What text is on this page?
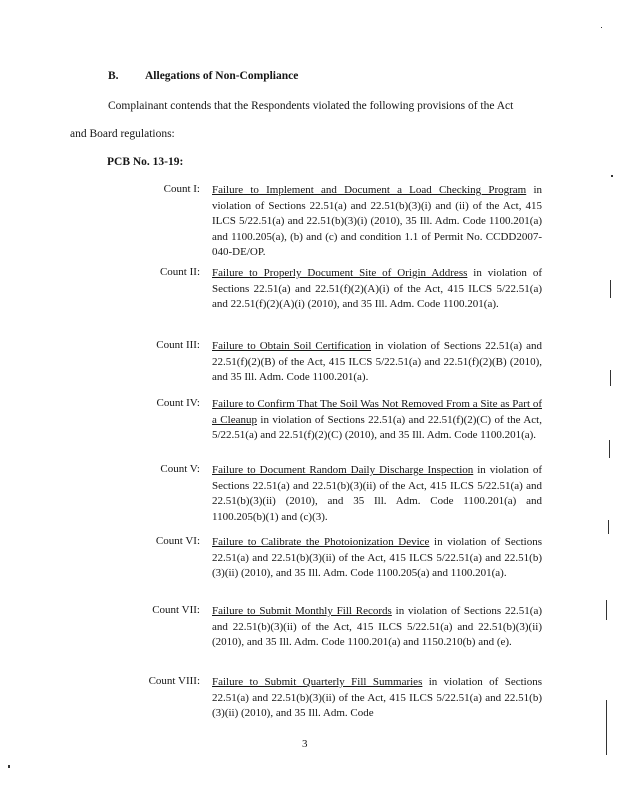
B. Allegations of Non-Compliance
Complainant contends that the Respondents violated the following provisions of the Act
and Board regulations:
PCB No. 13-19:
Count I: Failure to Implement and Document a Load Checking Program in violation of Sections 22.51(a) and 22.51(b)(3)(i) and (ii) of the Act, 415 ILCS 5/22.51(a) and 22.51(b)(3)(i) (2010), 35 Ill. Adm. Code 1100.201(a) and 1100.205(a), (b) and (c) and condition 1.1 of Permit No. CCDD2007-040-DE/OP.
Count II: Failure to Properly Document Site of Origin Address in violation of Sections 22.51(a) and 22.51(f)(2)(A)(i) of the Act, 415 ILCS 5/22.51(a) and 22.51(f)(2)(A)(i) (2010), and 35 Ill. Adm. Code 1100.201(a).
Count III: Failure to Obtain Soil Certification in violation of Sections 22.51(a) and 22.51(f)(2)(B) of the Act, 415 ILCS 5/22.51(a) and 22.51(f)(2)(B) (2010), and 35 Ill. Adm. Code 1100.201(a).
Count IV: Failure to Confirm That The Soil Was Not Removed From a Site as Part of a Cleanup in violation of Sections 22.51(a) and 22.51(f)(2)(C) of the Act, 5/22.51(a) and 22.51(f)(2)(C) (2010), and 35 Ill. Adm. Code 1100.201(a).
Count V: Failure to Document Random Daily Discharge Inspection in violation of Sections 22.51(a) and 22.51(b)(3)(ii) of the Act, 415 ILCS 5/22.51(a) and 22.51(b)(3)(ii) (2010), and 35 Ill. Adm. Code 1100.201(a) and 1100.205(b)(1) and (c)(3).
Count VI: Failure to Calibrate the Photoionization Device in violation of Sections 22.51(a) and 22.51(b)(3)(ii) of the Act, 415 ILCS 5/22.51(a) and 22.51(b)(3)(ii) (2010), and 35 Ill. Adm. Code 1100.205(a) and 1100.201(a).
Count VII: Failure to Submit Monthly Fill Records in violation of Sections 22.51(a) and 22.51(b)(3)(ii) of the Act, 415 ILCS 5/22.51(a) and 22.51(b)(3)(ii) (2010), and 35 Ill. Adm. Code 1100.201(a) and 1150.210(b) and (e).
Count VIII: Failure to Submit Quarterly Fill Summaries in violation of Sections 22.51(a) and 22.51(b)(3)(ii) of the Act, 415 ILCS 5/22.51(a) and 22.51(b)(3)(ii) (2010), and 35 Ill. Adm. Code
3
